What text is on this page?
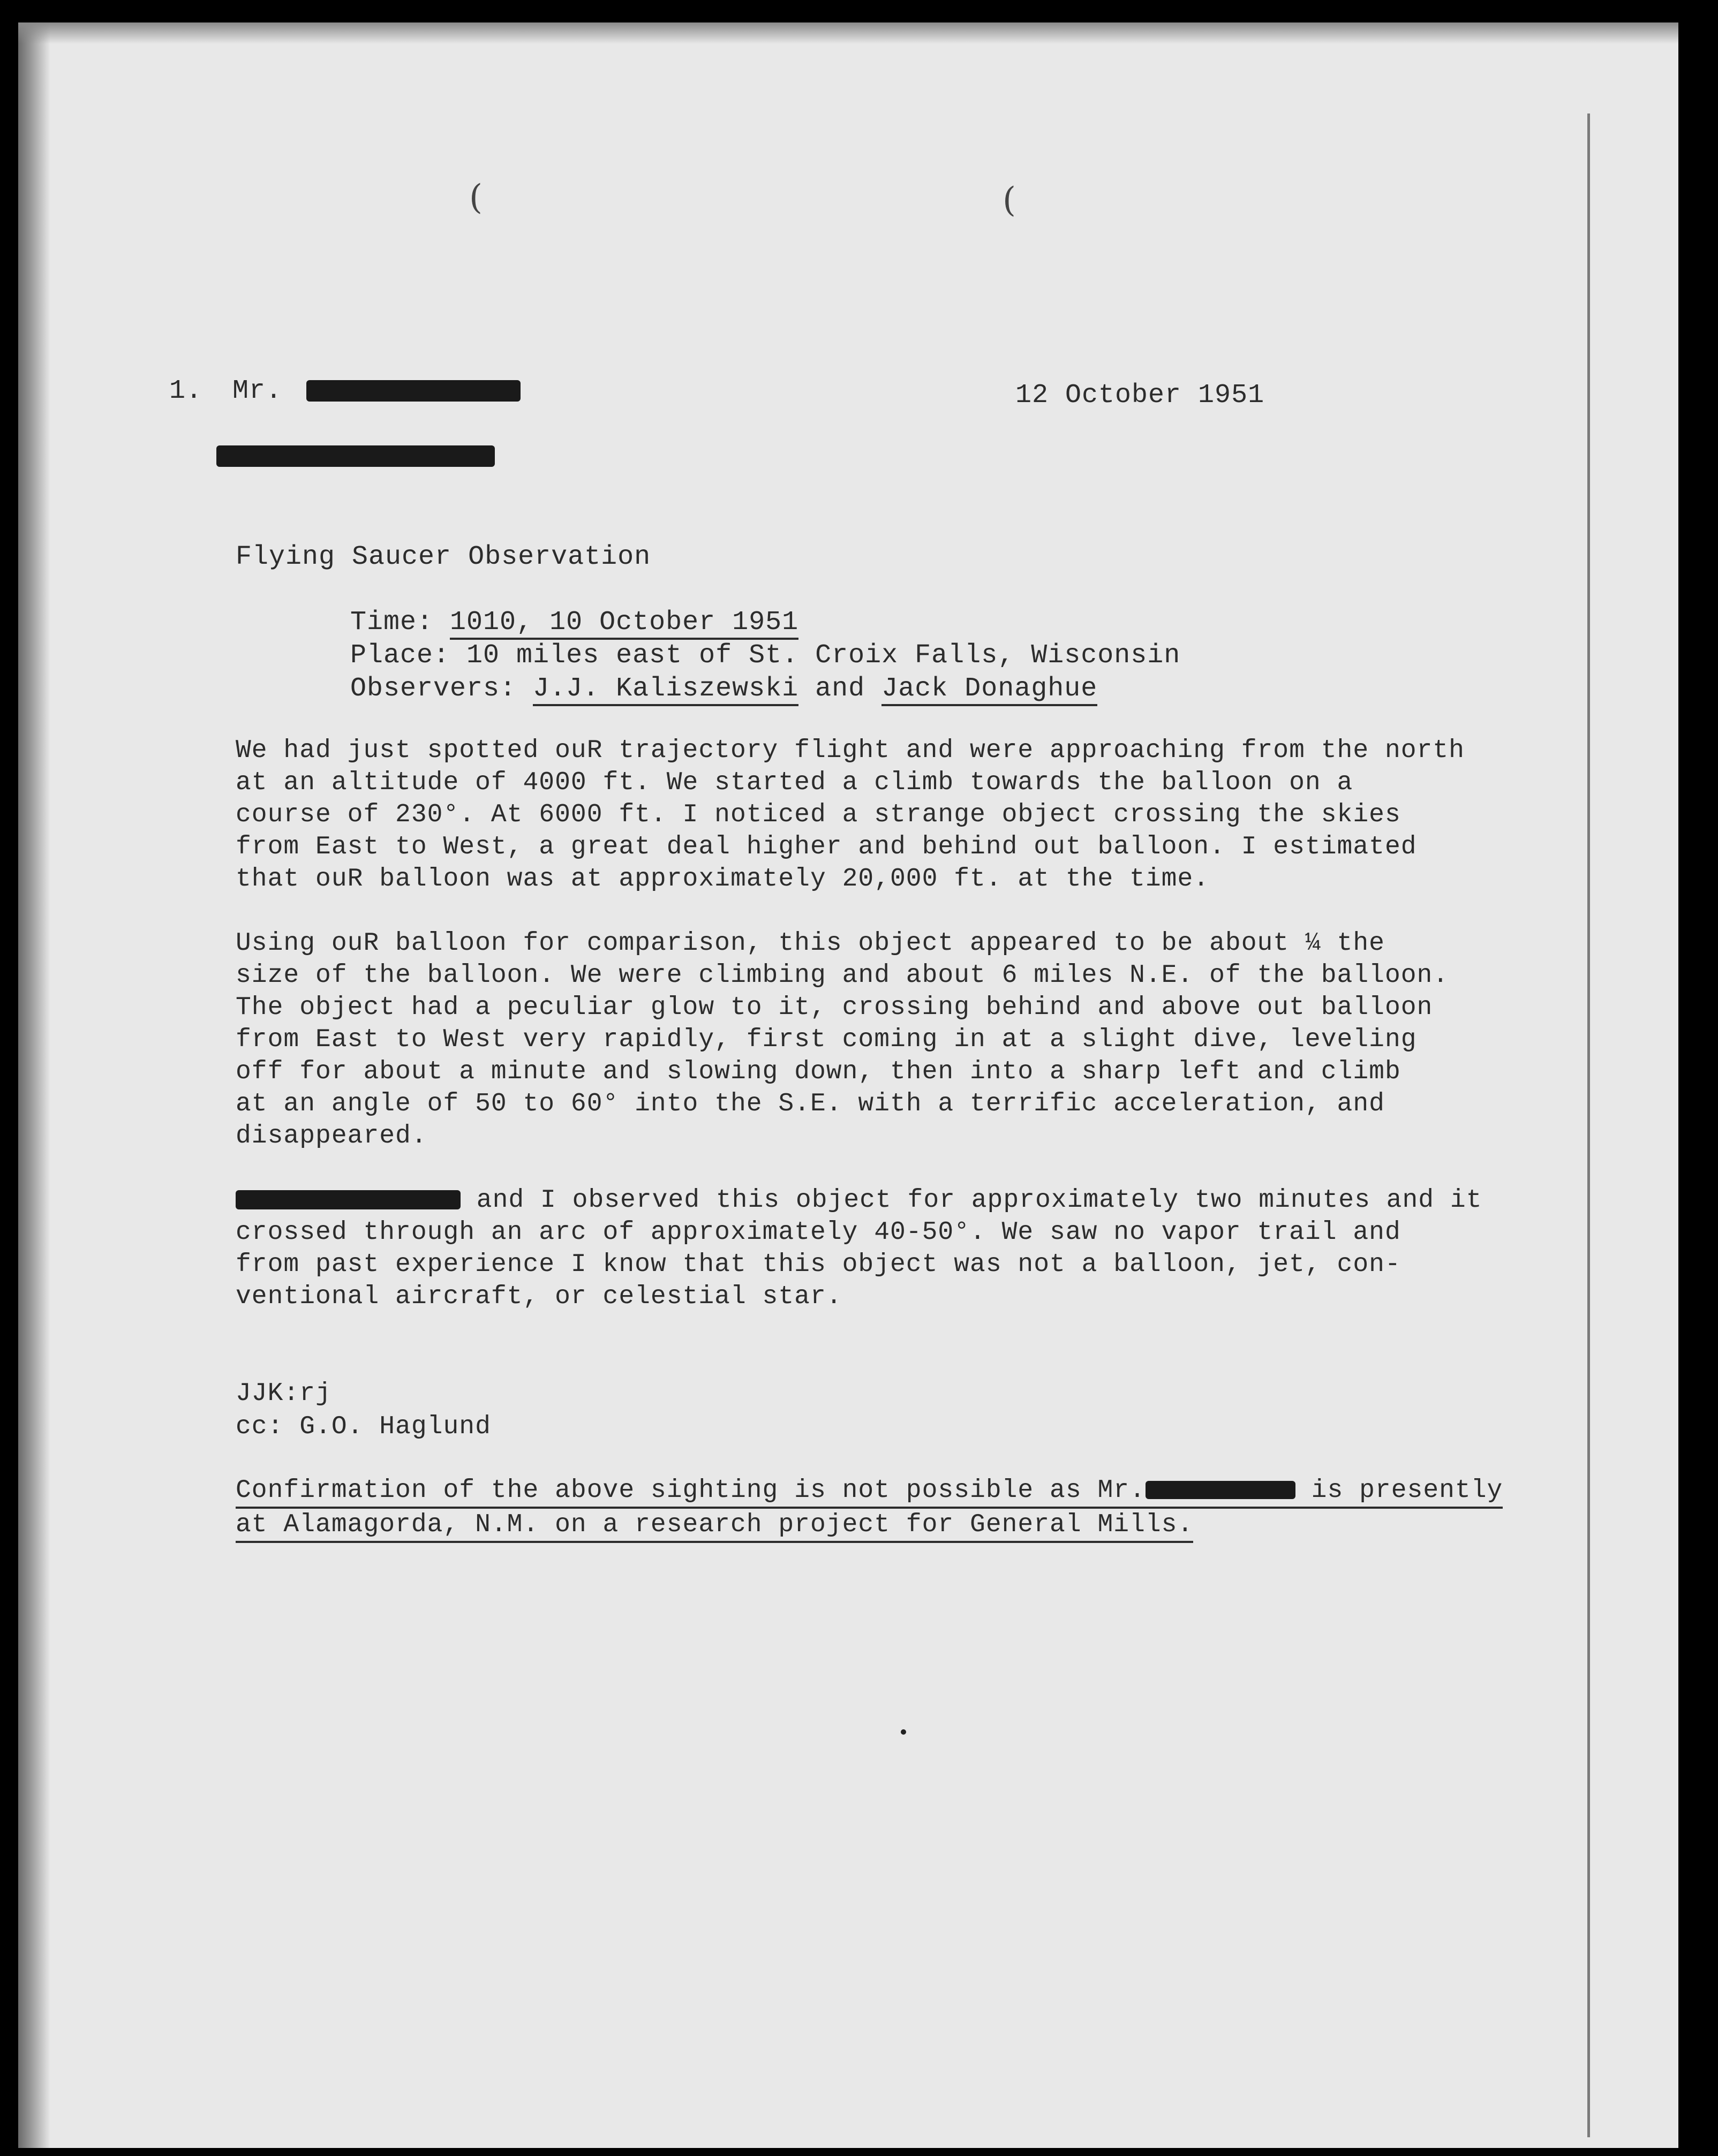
(	(
1. Mr.	12 October 1951
Flying Saucer Observation
Time: 1010, 10 October 1951
Place: 10 miles east of St. Croix Falls, Wisconsin
Observers: J.J. Kaliszewski and Jack Donaghue
We had just spotted ouR trajectory flight and were approaching from the north
at an altitude of 4000 ft. We started a climb towards the balloon on a
course of 230°. At 6000 ft. I noticed a strange object crossing the skies
from East to West, a great deal higher and behind out balloon. I estimated
that ouR balloon was at approximately 20,000 ft. at the time.
Using ouR balloon for comparison, this object appeared to be about ¼ the
size of the balloon. We were climbing and about 6 miles N.E. of the balloon.
The object had a peculiar glow to it, crossing behind and above out balloon
from East to West very rapidly, first coming in at a slight dive, leveling
off for about a minute and slowing down, then into a sharp left and climb
at an angle of 50 to 60° into the S.E. with a terrific acceleration, and
disappeared.
and I observed this object for approximately two minutes and it
crossed through an arc of approximately 40-50°. We saw no vapor trail and
from past experience I know that this object was not a balloon, jet, con-
ventional aircraft, or celestial star.
JJK:rj
cc: G.O. Haglund
Confirmation of the above sighting is not possible as Mr.	is presently
at Alamagorda, N.M. on a research project for General Mills.
